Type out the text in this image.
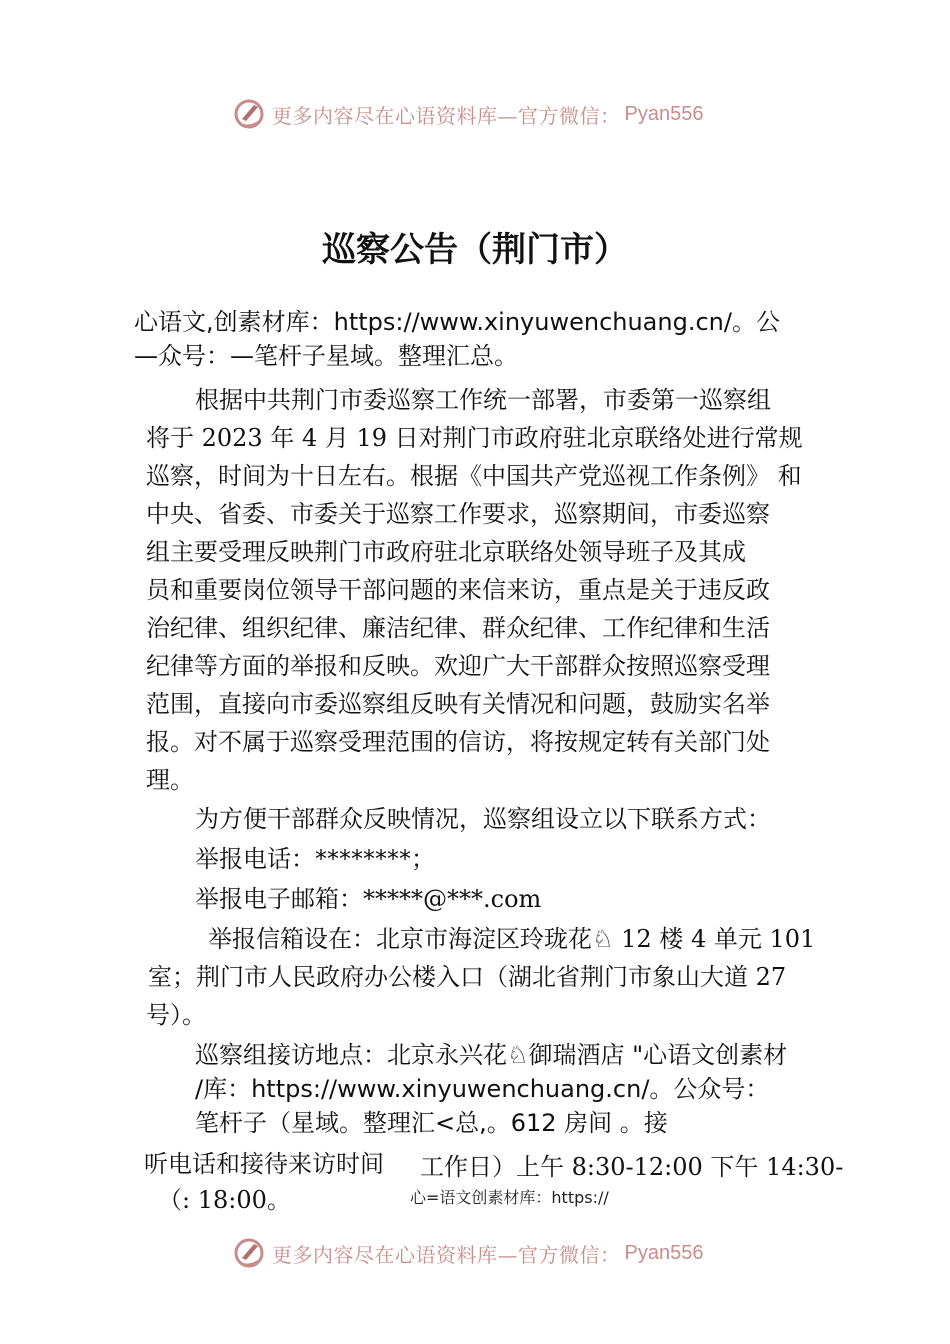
更多内容尽在心语资料库—官方微信： Pyan556
巡察公告（荆门市）
心语文,创素材库：https://www.xinyuwenchuang.cn/。公
—众号：—笔杆子星域。整理汇总。
根据中共荆门市委巡察工作统一部署，市委第一巡察组
将于 2023 年 4 月 19 日对荆门市政府驻北京联络处进行常规
巡察，时间为十日左右。根据《中国共产党巡视工作条例》 和
中央、省委、市委关于巡察工作要求，巡察期间，市委巡察
组主要受理反映荆门市政府驻北京联络处领导班子及其成
员和重要岗位领导干部问题的来信来访，重点是关于违反政
治纪律、组织纪律、廉洁纪律、群众纪律、工作纪律和生活
纪律等方面的举报和反映。欢迎广大干部群众按照巡察受理
范围，直接向市委巡察组反映有关情况和问题，鼓励实名举
报。对不属于巡察受理范围的信访，将按规定转有关部门处
理。
为方便干部群众反映情况，巡察组设立以下联系方式：
举报电话：********；
举报电子邮箱：*****@***.com
举报信箱设在：北京市海淀区玲珑花♘ 12 楼 4 单元 101
室；荆门市人民政府办公楼入口（湖北省荆门市象山大道 27
号）。
巡察组接访地点：北京永兴花♘御瑞酒店 "心语文创素材
/库：https://www.xinyuwenchuang.cn/。公众号：
笔杆子（星域。整理汇<总,。612 房间 。接
听电话和接待来访时间 工作日）上午 8:30-12:00 下午 14:30-
（: 18:00。	心=语文创素材库：https://
更多内容尽在心语资料库—官方微信： Pyan556
